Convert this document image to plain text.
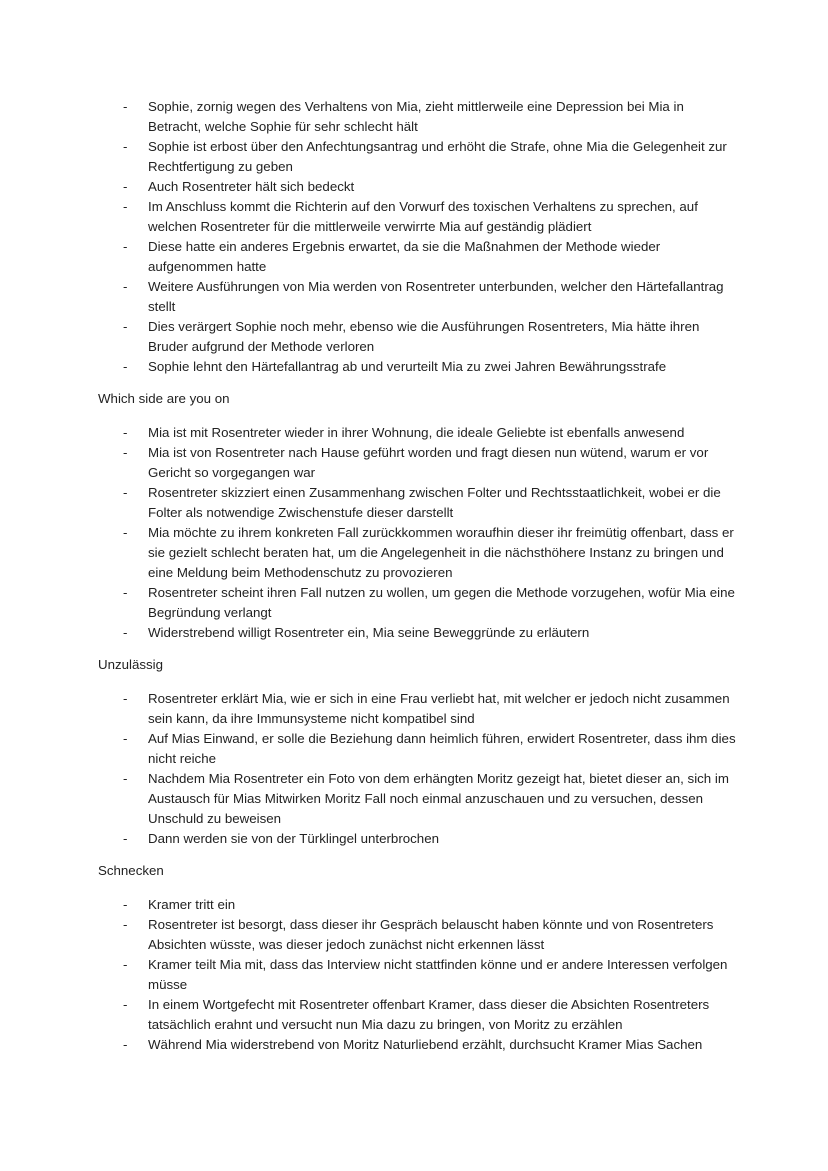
- Sophie, zornig wegen des Verhaltens von Mia, zieht mittlerweile eine Depression bei Mia in Betracht, welche Sophie für sehr schlecht hält
- Sophie ist erbost über den Anfechtungsantrag und erhöht die Strafe, ohne Mia die Gelegenheit zur Rechtfertigung zu geben
- Auch Rosentreter hält sich bedeckt
- Im Anschluss kommt die Richterin auf den Vorwurf des toxischen Verhaltens zu sprechen, auf welchen Rosentreter für die mittlerweile verwirrte Mia auf geständig plädiert
- Diese hatte ein anderes Ergebnis erwartet, da sie die Maßnahmen der Methode wieder aufgenommen hatte
- Weitere Ausführungen von Mia werden von Rosentreter unterbunden, welcher den Härtefallantrag stellt
- Dies verärgert Sophie noch mehr, ebenso wie die Ausführungen Rosentreters, Mia hätte ihren Bruder aufgrund der Methode verloren
- Sophie lehnt den Härtefallantrag ab und verurteilt Mia zu zwei Jahren Bewährungsstrafe

Which side are you on

- Mia ist mit Rosentreter wieder in ihrer Wohnung, die ideale Geliebte ist ebenfalls anwesend
- Mia ist von Rosentreter nach Hause geführt worden und fragt diesen nun wütend, warum er vor Gericht so vorgegangen war
- Rosentreter skizziert einen Zusammenhang zwischen Folter und Rechtsstaatlichkeit, wobei er die Folter als notwendige Zwischenstufe dieser darstellt
- Mia möchte zu ihrem konkreten Fall zurückkommen woraufhin dieser ihr freimütig offenbart, dass er sie gezielt schlecht beraten hat, um die Angelegenheit in die nächsthöhere Instanz zu bringen und eine Meldung beim Methodenschutz zu provozieren
- Rosentreter scheint ihren Fall nutzen zu wollen, um gegen die Methode vorzugehen, wofür Mia eine Begründung verlangt
- Widerstrebend willigt Rosentreter ein, Mia seine Beweggründe zu erläutern

Unzulässig

- Rosentreter erklärt Mia, wie er sich in eine Frau verliebt hat, mit welcher er jedoch nicht zusammen sein kann, da ihre Immunsysteme nicht kompatibel sind
- Auf Mias Einwand, er solle die Beziehung dann heimlich führen, erwidert Rosentreter, dass ihm dies nicht reiche
- Nachdem Mia Rosentreter ein Foto von dem erhängten Moritz gezeigt hat, bietet dieser an, sich im Austausch für Mias Mitwirken Moritz Fall noch einmal anzuschauen und zu versuchen, dessen Unschuld zu beweisen
- Dann werden sie von der Türklingel unterbrochen

Schnecken

- Kramer tritt ein
- Rosentreter ist besorgt, dass dieser ihr Gespräch belauscht haben könnte und von Rosentreters Absichten wüsste, was dieser jedoch zunächst nicht erkennen lässt
- Kramer teilt Mia mit, dass das Interview nicht stattfinden könne und er andere Interessen verfolgen müsse
- In einem Wortgefecht mit Rosentreter offenbart Kramer, dass dieser die Absichten Rosentreters tatsächlich erahnt und versucht nun Mia dazu zu bringen, von Moritz zu erzählen
- Während Mia widerstrebend von Moritz Naturliebend erzählt, durchsucht Kramer Mias Sachen
